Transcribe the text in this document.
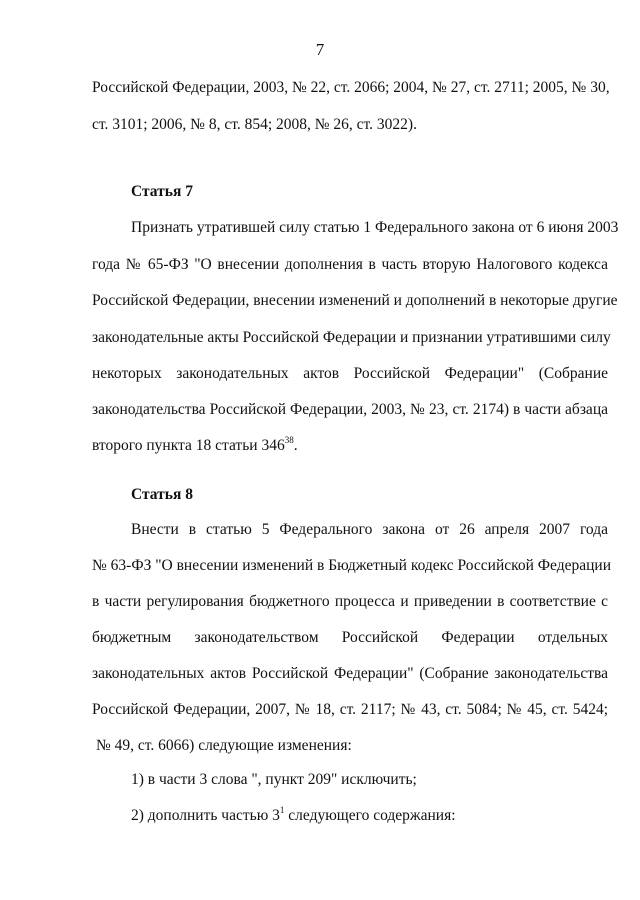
7
Российской Федерации, 2003, № 22, ст. 2066; 2004, № 27, ст. 2711; 2005, № 30,
ст. 3101; 2006, № 8, ст. 854; 2008, № 26, ст. 3022).
Статья 7
Признать утратившей силу статью 1 Федерального закона от 6 июня 2003
года № 65-ФЗ "О внесении дополнения в часть вторую Налогового кодекса
Российской Федерации, внесении изменений и дополнений в некоторые другие
законодательные акты Российской Федерации и признании утратившими силу
некоторых законодательных актов Российской Федерации" (Собрание
законодательства Российской Федерации, 2003, № 23, ст. 2174) в части абзаца
второго пункта 18 статьи $346^{38}$.
Статья 8
Внести в статью 5 Федерального закона от 26 апреля 2007 года
№ 63-ФЗ "О внесении изменений в Бюджетный кодекс Российской Федерации
в части регулирования бюджетного процесса и приведении в соответствие с
бюджетным законодательством Российской Федерации отдельных
законодательных актов Российской Федерации" (Собрание законодательства
Российской Федерации, 2007, № 18, ст. 2117; № 43, ст. 5084; № 45, ст. 5424;
№ 49, ст. 6066) следующие изменения:
1) в части 3 слова ", пункт 209" исключить;
2) дополнить частью $3^1$ следующего содержания:
